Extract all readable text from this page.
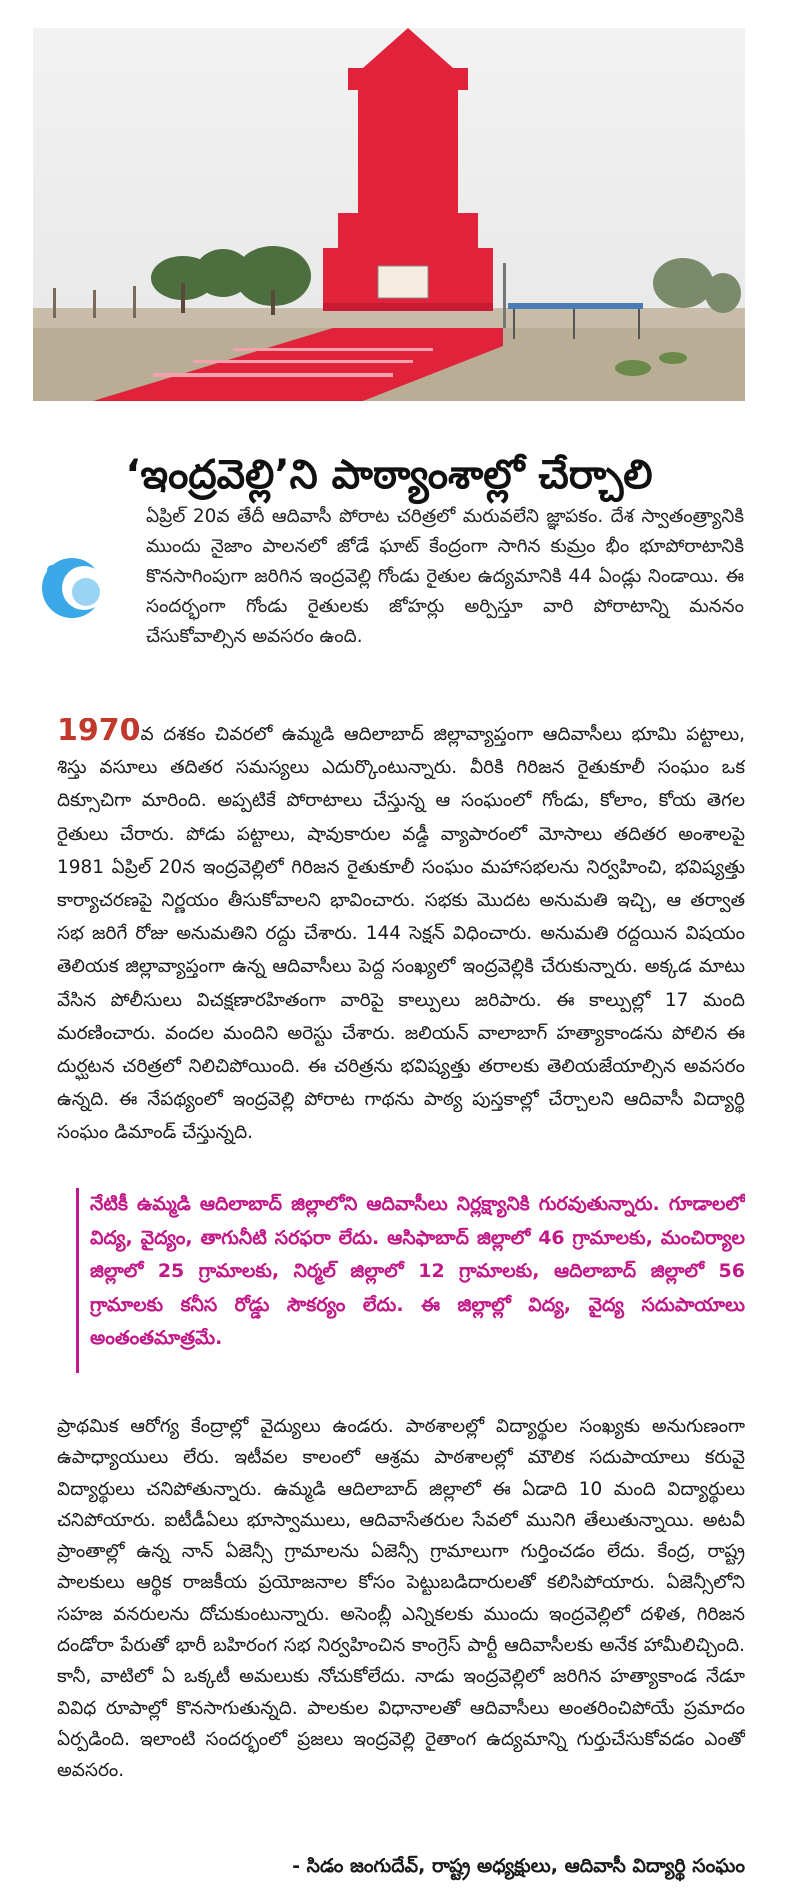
‘ఇంద్రవెల్లి’ని పాఠ్యాంశాల్లో చేర్చాలి

ఏప్రిల్ 20వ తేదీ ఆదివాసీ పోరాట చరిత్రలో మరువలేని జ్ఞాపకం. దేశ స్వాతంత్ర్యానికి ముందు నైజాం పాలనలో జోడే ఘాట్ కేంద్రంగా సాగిన కుమ్రం భీం భూపోరాటానికి కొనసాగింపుగా జరిగిన ఇంద్రవెల్లి గోండు రైతుల ఉద్యమానికి 44 ఏండ్లు నిండాయి. ఈ సందర్భంగా గోండు రైతులకు జోహర్లు అర్పిస్తూ వారి పోరాటాన్ని మననం చేసుకోవాల్సిన అవసరం ఉంది.

1970వ దశకం చివరలో ఉమ్మడి ఆదిలాబాద్ జిల్లావ్యాప్తంగా ఆదివాసీలు భూమి పట్టాలు, శిస్తు వసూలు తదితర సమస్యలు ఎదుర్కొంటున్నారు. వీరికి గిరిజన రైతుకూలీ సంఘం ఒక దిక్సూచిగా మారింది. అప్పటికే పోరాటాలు చేస్తున్న ఆ సంఘంలో గోండు, కోలాం, కోయ తెగల రైతులు చేరారు. పోడు పట్టాలు, షావుకారుల వడ్డీ వ్యాపారంలో మోసాలు తదితర అంశాలపై 1981 ఏప్రిల్ 20న ఇంద్రవెల్లిలో గిరిజన రైతుకూలీ సంఘం మహాసభలను నిర్వహించి, భవిష్యత్తు కార్యాచరణపై నిర్ణయం తీసుకోవాలని భావించారు. సభకు మొదట అనుమతి ఇచ్చి, ఆ తర్వాత సభ జరిగే రోజు అనుమతిని రద్దు చేశారు. 144 సెక్షన్ విధించారు. అనుమతి రద్దయిన విషయం తెలియక జిల్లావ్యాప్తంగా ఉన్న ఆదివాసీలు పెద్ద సంఖ్యలో ఇంద్రవెల్లికి చేరుకున్నారు. అక్కడ మాటు వేసిన పోలీసులు విచక్షణారహితంగా వారిపై కాల్పులు జరిపారు. ఈ కాల్పుల్లో 17 మంది మరణించారు. వందల మందిని అరెస్టు చేశారు. జలియన్ వాలాబాగ్ హత్యాకాండను పోలిన ఈ దుర్ఘటన చరిత్రలో నిలిచిపోయింది. ఈ చరిత్రను భవిష్యత్తు తరాలకు తెలియజేయాల్సిన అవసరం ఉన్నది. ఈ నేపథ్యంలో ఇంద్రవెల్లి పోరాట గాథను పాఠ్య పుస్తకాల్లో చేర్చాలని ఆదివాసీ విద్యార్థి సంఘం డిమాండ్ చేస్తున్నది.

నేటికీ ఉమ్మడి ఆదిలాబాద్ జిల్లాలోని ఆదివాసీలు నిర్లక్ష్యానికి గురవుతున్నారు. గూడాలలో విద్య, వైద్యం, తాగునీటి సరఫరా లేదు. ఆసిఫాబాద్ జిల్లాలో 46 గ్రామాలకు, మంచిర్యాల జిల్లాలో 25 గ్రామాలకు, నిర్మల్ జిల్లాలో 12 గ్రామాలకు, ఆదిలాబాద్ జిల్లాలో 56 గ్రామాలకు కనీస రోడ్డు సౌకర్యం లేదు. ఈ జిల్లాల్లో విద్య, వైద్య సదుపాయాలు అంతంతమాత్రమే.

ప్రాథమిక ఆరోగ్య కేంద్రాల్లో వైద్యులు ఉండరు. పాఠశాలల్లో విద్యార్థుల సంఖ్యకు అనుగుణంగా ఉపాధ్యాయులు లేరు. ఇటీవల కాలంలో ఆశ్రమ పాఠశాలల్లో మౌలిక సదుపాయాలు కరువై విద్యార్థులు చనిపోతున్నారు. ఉమ్మడి ఆదిలాబాద్ జిల్లాలో ఈ ఏడాది 10 మంది విద్యార్థులు చనిపోయారు. ఐటీడీఏలు భూస్వాములు, ఆదివాసేతరుల సేవలో మునిగి తేలుతున్నాయి. అటవీ ప్రాంతాల్లో ఉన్న నాన్ ఏజెన్సీ గ్రామాలను ఏజెన్సీ గ్రామాలుగా గుర్తించడం లేదు. కేంద్ర, రాష్ట్ర పాలకులు ఆర్థిక రాజకీయ ప్రయోజనాల కోసం పెట్టుబడిదారులతో కలిసిపోయారు. ఏజెన్సీలోని సహజ వనరులను దోచుకుంటున్నారు. అసెంబ్లీ ఎన్నికలకు ముందు ఇంద్రవెల్లిలో దళిత, గిరిజన దండోరా పేరుతో భారీ బహిరంగ సభ నిర్వహించిన కాంగ్రెస్ పార్టీ ఆదివాసీలకు అనేక హామీలిచ్చింది. కానీ, వాటిలో ఏ ఒక్కటీ అమలుకు నోచుకోలేదు. నాడు ఇంద్రవెల్లిలో జరిగిన హత్యాకాండ నేడూ వివిధ రూపాల్లో కొనసాగుతున్నది. పాలకుల విధానాలతో ఆదివాసీలు అంతరించిపోయే ప్రమాదం ఏర్పడింది. ఇలాంటి సందర్భంలో ప్రజలు ఇంద్రవెల్లి రైతాంగ ఉద్యమాన్ని గుర్తుచేసుకోవడం ఎంతో అవసరం.

- సిడం జంగుదేవ్, రాష్ట్ర అధ్యక్షులు, ఆదివాసీ విద్యార్థి సంఘం
